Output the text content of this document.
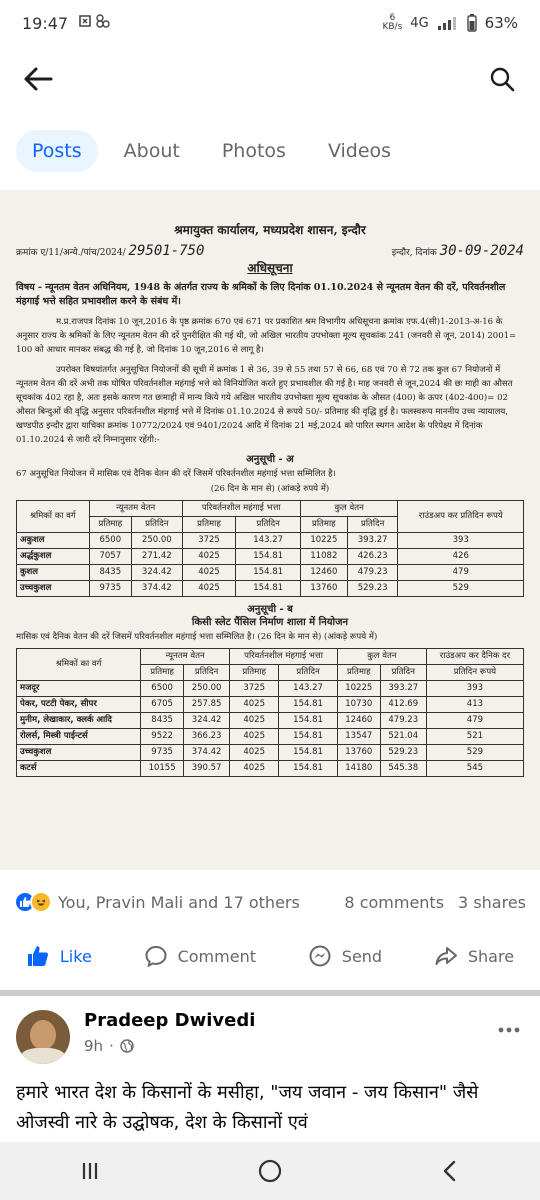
19:47	6
KB/s 4G	63%
Posts	About	Photos	Videos
श्रमायुक्त कार्यालय, मध्यप्रदेश शासन, इन्दौर
क्रमांक ए/11/अन्ये./पांच/2024/ 29501-750	इन्दौर, दिनांक 30-09-2024
अधिसूचना
विषय - न्यूनतम वेतन अधिनियम, 1948 के अंतर्गत राज्य के श्रमिकों के लिए दिनांक 01.10.2024 से न्यूनतम वेतन की दरें, परिवर्तनशील मंहगाई भत्ते सहित प्रभावशील करने के संबंध में।
म.प्र.राजपत्र दिनांक 10 जून,2016 के पृष्ठ क्रमांक 670 एवं 671 पर प्रकाशित श्रम विभागीय अधिसूचना क्रमांक एफ.4(सी)1-2013-अ-16 के अनुसार राज्य के श्रमिकों के लिए न्यूनतम वेतन की दरें पुनरीक्षित की गई थी, जो अखिल भारतीय उपभोक्ता मूल्य सूचकांक 241 (जनवरी से जून, 2014) 2001= 100 को आधार मानकर संबद्ध की गई है, जो दिनांक 10 जून,2016 से लागू है।
उपरोक्त विषयांतर्गत अनुसूचित नियोजनों की सूची में क्रमांक 1 से 36, 39 से 55 तथा 57 से 66, 68 एवं 70 से 72 तक कुल 67 नियोजनों में न्यूनतम वेतन की दरें अभी तक घोषित परिवर्तनशील महंगाई भत्ते को विनियोजित करते हुए प्रभावशील की गई है। माह जनवरी से जून,2024 की छः माही का औसत सूचकांक 402 रहा है, अतः इसके कारण गत छःमाही में मान्य किये गये अखिल भारतीय उपभोक्ता मूल्य सूचकांक के औसत (400) के ऊपर (402-400)= 02 औसत बिन्दुओं की वृद्धि अनुसार परिवर्तनशील मंहगाई भत्ते में दिनांक 01.10.2024 से रूपये 50/- प्रतिमाह की वृद्धि हुई है। फलस्वरूप माननीय उच्च न्यायालय, खण्डपीठ इन्दौर द्वारा याचिका क्रमांक 10772/2024 एवं 9401/2024 आदि में दिनांक 21 मई,2024 को पारित स्थगन आदेश के परिपेक्ष्य में दिनांक 01.10.2024 से जारी दरें निम्नानुसार रहेंगी:-
अनुसूची - अ
67 अनुसूचित नियोजन में मासिक एवं दैनिक वेतन की दरें जिसमें परिवर्तनशील महंगाई भत्ता सम्मिलित है।
(26 दिन के मान से) (आंकड़े रुपये में)
श्रमिकों का वर्ग	न्यूनतम वेतन		परिवर्तनशील महंगाई भत्ता		कुल वेतन		राउंडअप कर प्रतिदिन रूपये
	प्रतिमाह	प्रतिदिन	प्रतिमाह	प्रतिदिन	प्रतिमाह	प्रतिदिन	
अकुशल	6500	250.00	3725	143.27	10225	393.27	393
अर्द्धकुशल	7057	271.42	4025	154.81	11082	426.23	426
कुशल	8435	324.42	4025	154.81	12460	479.23	479
उच्चकुशल	9735	374.42	4025	154.81	13760	529.23	529
अनुसूची - ब
किसी स्लेट पैंसिल निर्माण शाला में नियोजन
मासिक एवं दैनिक वेतन की दरें जिसमें परिवर्तनशील महंगाई भत्ता सम्मिलित है। (26 दिन के मान से) (आंकड़े रूपये में)
श्रमिकों का वर्ग	न्यूनतम वेतन		परिवर्तनशील मंहगाई भत्ता		कुल वेतन		राउंडअप कर दैनिक दर
	प्रतिमाह	प्रतिदिन	प्रतिमाह	प्रतिदिन	प्रतिमाह	प्रतिदिन	प्रतिदिन रूपये
मजदूर	6500	250.00	3725	143.27	10225	393.27	393
पेकर, पटटी पेकर, सीपर	6705	257.85	4025	154.81	10730	412.69	413
मुनीम, लेखाकार, क्लर्क आदि	8435	324.42	4025	154.81	12460	479.23	479
रोलर्स, मिस्त्री पाईन्टर्स	9522	366.23	4025	154.81	13547	521.04	521
उच्चकुशल	9735	374.42	4025	154.81	13760	529.23	529
कटर्स	10155	390.57	4025	154.81	14180	545.38	545
You, Pravin Mali and 17 others	8 comments 3 shares
Like	Comment	Send	Share
Pradeep Dwivedi
9h ·
हमारे भारत देश के किसानों के मसीहा, "जय जवान - जय किसान" जैसे ओजस्वी नारे के उद्घोषक, देश के किसानों एवं
